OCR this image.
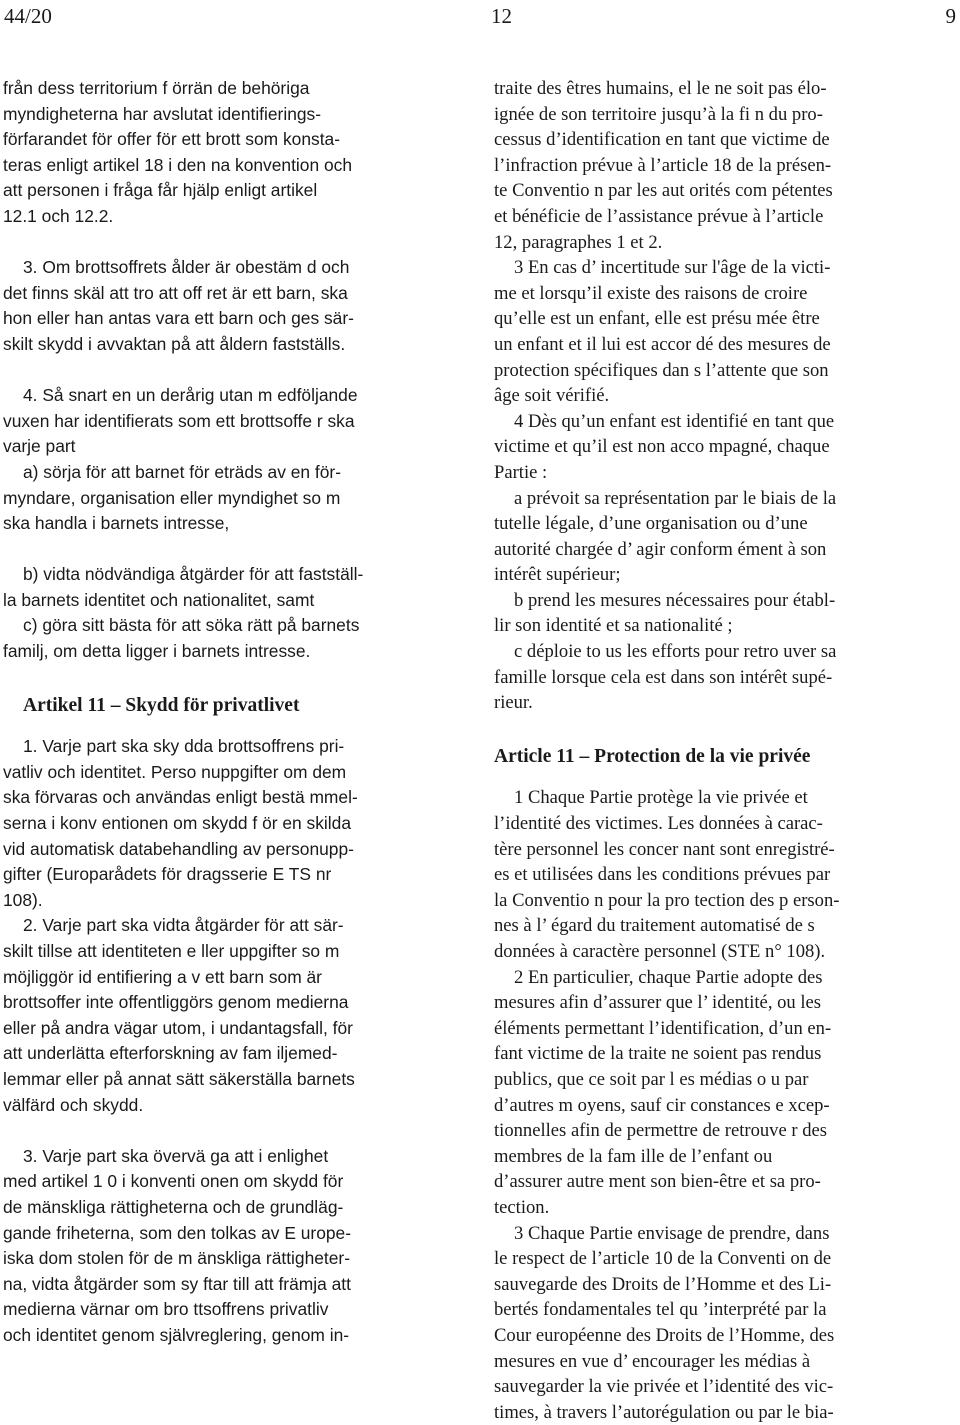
44/20	12	9
från dess territorium f örrän de behöriga
myndigheterna har avslutat identifierings-
förfarandet för offer för ett brott som konsta-
teras enligt artikel 18 i den na konvention och
att personen i fråga får hjälp enligt artikel
12.1 och 12.2.
3. Om brottsoffrets ålder är obestäm d och
det finns skäl att tro att off ret är ett barn, ska
hon eller han antas vara ett barn och ges sär-
skilt skydd i avvaktan på att åldern fastställs.
4. Så snart en un derårig utan m edföljande
vuxen har identifierats som ett brottsoffe r ska
varje part
a) sörja för att barnet för eträds av en för-
myndare, organisation eller myndighet so m
ska handla i barnets intresse,
b) vidta nödvändiga åtgärder för att fastställ-
la barnets identitet och nationalitet, samt
c) göra sitt bästa för att söka rätt på barnets
familj, om detta ligger i barnets intresse.
Artikel 11 – Skydd för privatlivet
1. Varje part ska sky dda brottsoffrens pri-
vatliv och identitet. Perso nuppgifter om dem
ska förvaras och användas enligt bestä mmel-
serna i konv entionen om skydd f ör en skilda
vid automatisk databehandling av personupp-
gifter (Europarådets för dragsserie E TS nr
108).
2. Varje part ska vidta åtgärder för att sär-
skilt tillse att identiteten e ller uppgifter so m
möjliggör id entifiering a v ett barn som är
brottsoffer inte offentliggörs genom medierna
eller på andra vägar utom, i undantagsfall, för
att underlätta efterforskning av fam iljemed-
lemmar eller på annat sätt säkerställa barnets
välfärd och skydd.
3. Varje part ska övervä ga att i enlighet
med artikel 1 0 i konventi onen om skydd för
de mänskliga rättigheterna och de grundläg-
gande friheterna, som den tolkas av E urope-
iska dom stolen för de m änskliga rättigheter-
na, vidta åtgärder som sy ftar till att främja att
medierna värnar om bro ttsoffrens privatliv
och identitet genom självreglering, genom in-
traite des êtres humains, el le ne soit pas élo-
ignée de son territoire jusqu’à la fi n du pro-
cessus d’identification en tant que victime de
l’infraction prévue à l’article 18 de la présen-
te Conventio n par les aut orités com pétentes
et bénéficie de l’assistance prévue à l’article
12, paragraphes 1 et 2.
3 En cas d’ incertitude sur l'âge de la victi-
me et lorsqu’il existe des raisons de croire
qu’elle est un enfant, elle est présu mée être
un enfant et il lui est accor dé des mesures de
protection spécifiques dan s l’attente que son
âge soit vérifié.
4 Dès qu’un enfant est identifié en tant que
victime et qu’il est non acco mpagné, chaque
Partie :
a prévoit sa représentation par le biais de la
tutelle légale, d’une organisation ou d’une
autorité chargée d’ agir conform ément à son
intérêt supérieur;
b prend les mesures nécessaires pour établ-
lir son identité et sa nationalité ;
c déploie to us les efforts pour retro uver sa
famille lorsque cela est dans son intérêt supé-
rieur.
Article 11 – Protection de la vie privée
1 Chaque Partie protège la vie privée et
l’identité des victimes. Les données à carac-
tère personnel les concer nant sont enregistré-
es et utilisées dans les conditions prévues par
la Conventio n pour la pro tection des p erson-
nes à l’ égard du traitement automatisé de s
données à caractère personnel (STE n° 108).
2 En particulier, chaque Partie adopte des
mesures afin d’assurer que l’ identité, ou les
éléments permettant l’identification, d’un en-
fant victime de la traite ne soient pas rendus
publics, que ce soit par l es médias o u par
d’autres m oyens, sauf cir constances e xcep-
tionnelles afin de permettre de retrouve r des
membres de la fam ille de l’enfant ou
d’assurer autre ment son bien-être et sa pro-
tection.
3 Chaque Partie envisage de prendre, dans
le respect de l’article 10 de la Conventi on de
sauvegarde des Droits de l’Homme et des Li-
bertés fondamentales tel qu ’interprété par la
Cour européenne des Droits de l’Homme, des
mesures en vue d’ encourager les médias à
sauvegarder la vie privée et l’identité des vic-
times, à travers l’autorégulation ou par le bia-
